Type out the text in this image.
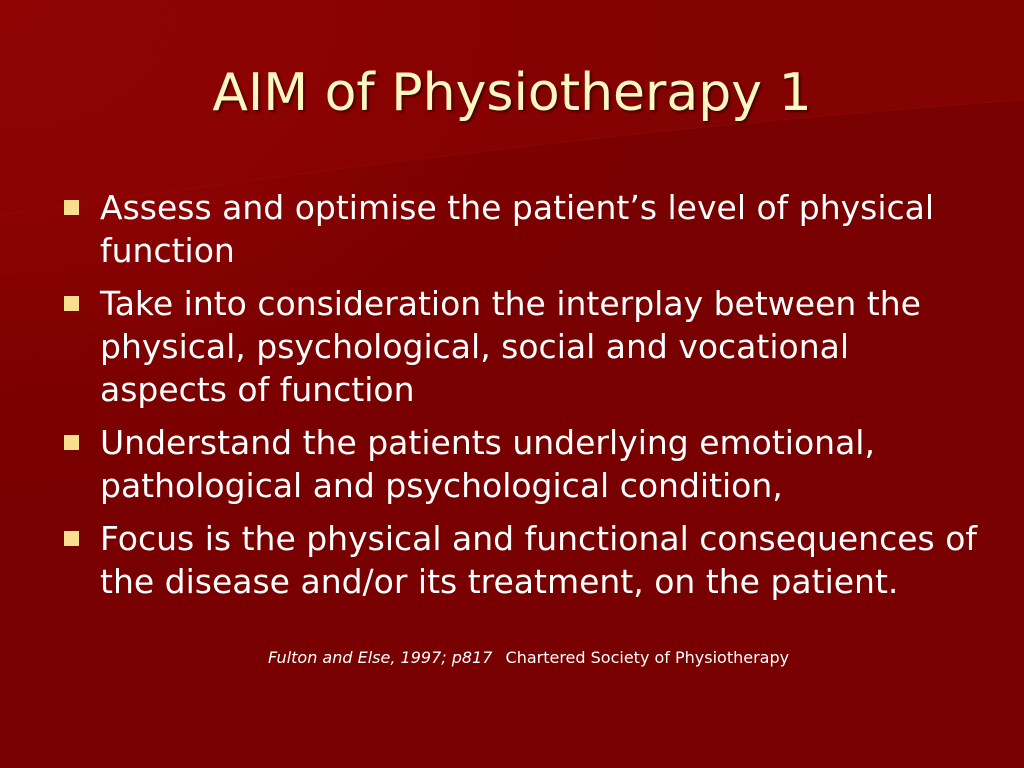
AIM of Physiotherapy 1
Assess and optimise the patient’s level of physical function
Take into consideration the interplay between the physical, psychological, social and vocational aspects of function
Understand the patients underlying emotional, pathological and psychological condition,
Focus is the physical and functional consequences of the disease and/or its treatment, on the patient.
Fulton and Else, 1997; p817 Chartered Society of Physiotherapy
